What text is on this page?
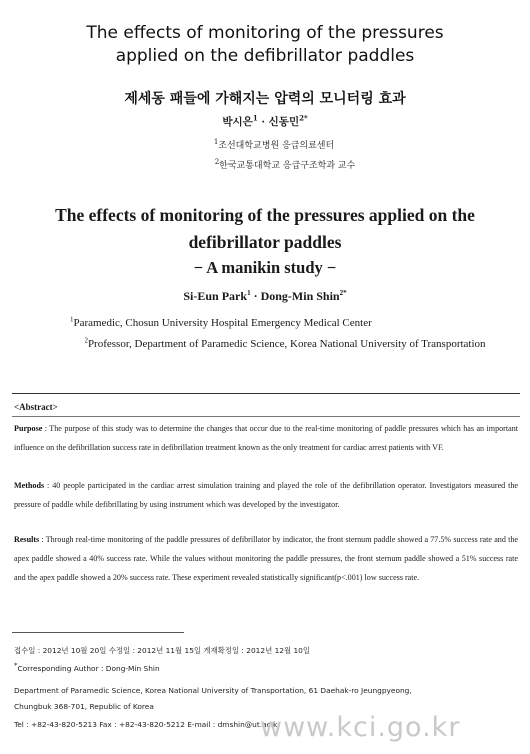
The effects of monitoring of the pressures
applied on the defibrillator paddles
제세동 패들에 가해지는 압력의 모니터링 효과
박시은$^1$ · 신동민$^{2*}$
$^1$조선대학교병원 응급의료센터
$^2$한국교통대학교 응급구조학과 교수
The effects of monitoring of the pressures applied on the
defibrillator paddles
− A manikin study −
Si-Eun Park$^1$ · Dong-Min Shin$^{2*}$
$^1$Paramedic, Chosun University Hospital Emergency Medical Center
$^2$Professor, Department of Paramedic Science, Korea National University of Transportation
<Abstract>
Purpose : The purpose of this study was to determine the changes that occur due to the real-time monitoring of paddle pressures which has an important influence on the defibrillation success rate in defibrillation treatment known as the only treatment for cardiac arrest patients with VF.
Methods : 40 people participated in the cardiac arrest simulation training and played the role of the defibrillation operator. Investigators measured the pressure of paddle while defibrillating by using instrument which was developed by the investigator.
Results : Through real-time monitoring of the paddle pressures of defibrillator by indicator, the front sternum paddle showed a 77.5% success rate and the apex paddle showed a 40% success rate. While the values without monitoring the paddle pressures, the front sternum paddle showed a 51% success rate and the apex paddle showed a 20% success rate. These experiment revealed statistically significant(p<.001) low success rate.
접수일 : 2012년 10월 20일 수정일 : 2012년 11월 15일 게재확정일 : 2012년 12월 10일
*Corresponding Author : Dong-Min Shin
Department of Paramedic Science, Korea National University of Transportation, 61 Daehak-ro Jeungpyeong,
Chungbuk 368-701, Republic of Korea
Tel : +82-43-820-5213 Fax : +82-43-820-5212 E-mail : dmshin@ut.ac.kr
www.kci.go.kr
